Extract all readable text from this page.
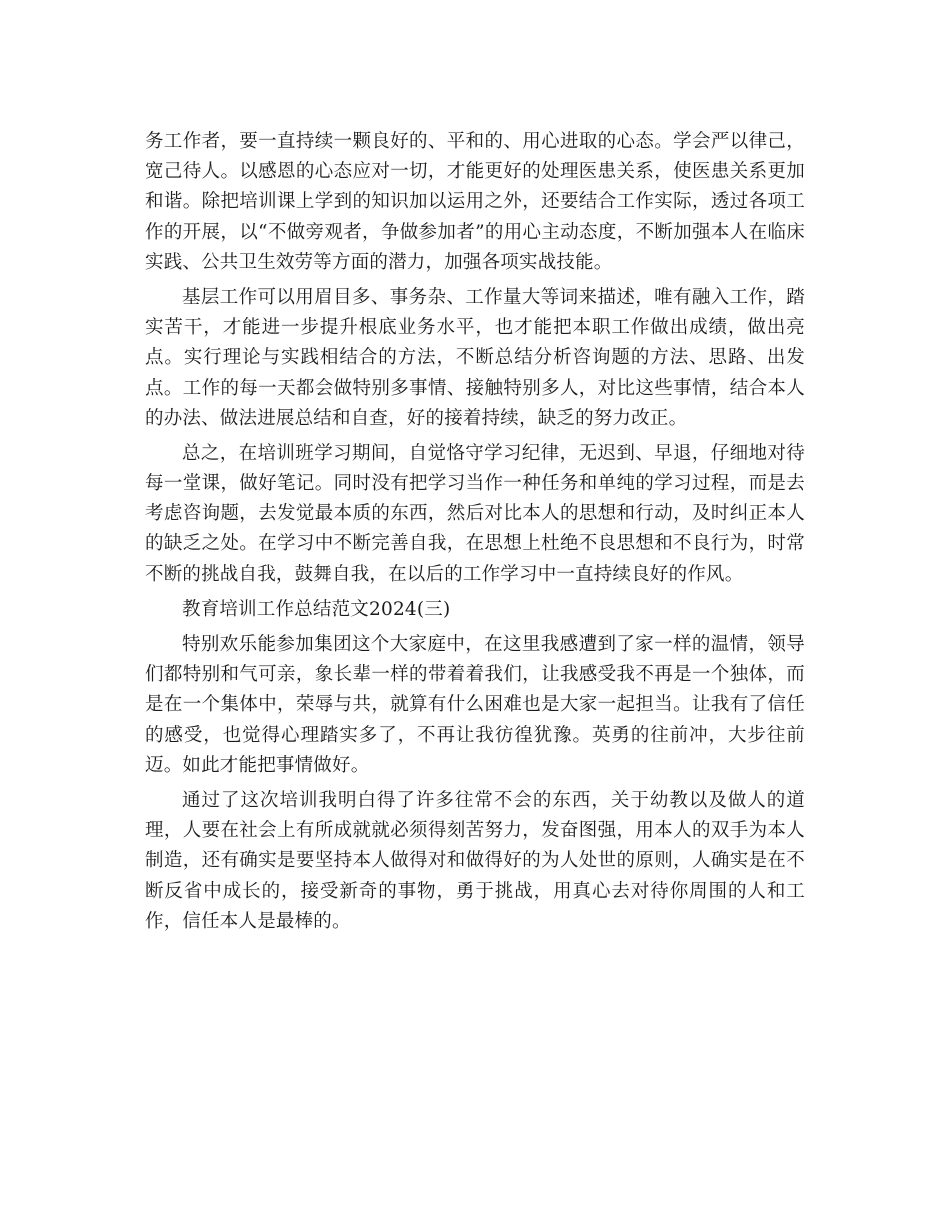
务工作者，要一直持续一颗良好的、平和的、用心进取的心态。学会严以律己，
宽己待人。以感恩的心态应对一切，才能更好的处理医患关系，使医患关系更加
和谐。除把培训课上学到的知识加以运用之外，还要结合工作实际，透过各项工
作的开展，以“不做旁观者，争做参加者”的用心主动态度，不断加强本人在临床
实践、公共卫生效劳等方面的潜力，加强各项实战技能。
基层工作可以用眉目多、事务杂、工作量大等词来描述，唯有融入工作，踏
实苦干，才能进一步提升根底业务水平，也才能把本职工作做出成绩，做出亮
点。实行理论与实践相结合的方法，不断总结分析咨询题的方法、思路、出发
点。工作的每一天都会做特别多事情、接触特别多人，对比这些事情，结合本人
的办法、做法进展总结和自查，好的接着持续，缺乏的努力改正。
总之，在培训班学习期间，自觉恪守学习纪律，无迟到、早退，仔细地对待
每一堂课，做好笔记。同时没有把学习当作一种任务和单纯的学习过程，而是去
考虑咨询题，去发觉最本质的东西，然后对比本人的思想和行动，及时纠正本人
的缺乏之处。在学习中不断完善自我，在思想上杜绝不良思想和不良行为，时常
不断的挑战自我，鼓舞自我，在以后的工作学习中一直持续良好的作风。
教育培训工作总结范文2024(三)
特别欢乐能参加集团这个大家庭中，在这里我感遭到了家一样的温情，领导
们都特别和气可亲，象长辈一样的带着着我们，让我感受我不再是一个独体，而
是在一个集体中，荣辱与共，就算有什么困难也是大家一起担当。让我有了信任
的感受，也觉得心理踏实多了，不再让我彷徨犹豫。英勇的往前冲，大步往前
迈。如此才能把事情做好。
通过了这次培训我明白得了许多往常不会的东西，关于幼教以及做人的道
理，人要在社会上有所成就就必须得刻苦努力，发奋图强，用本人的双手为本人
制造，还有确实是要坚持本人做得对和做得好的为人处世的原则，人确实是在不
断反省中成长的，接受新奇的事物，勇于挑战，用真心去对待你周围的人和工
作，信任本人是最棒的。
